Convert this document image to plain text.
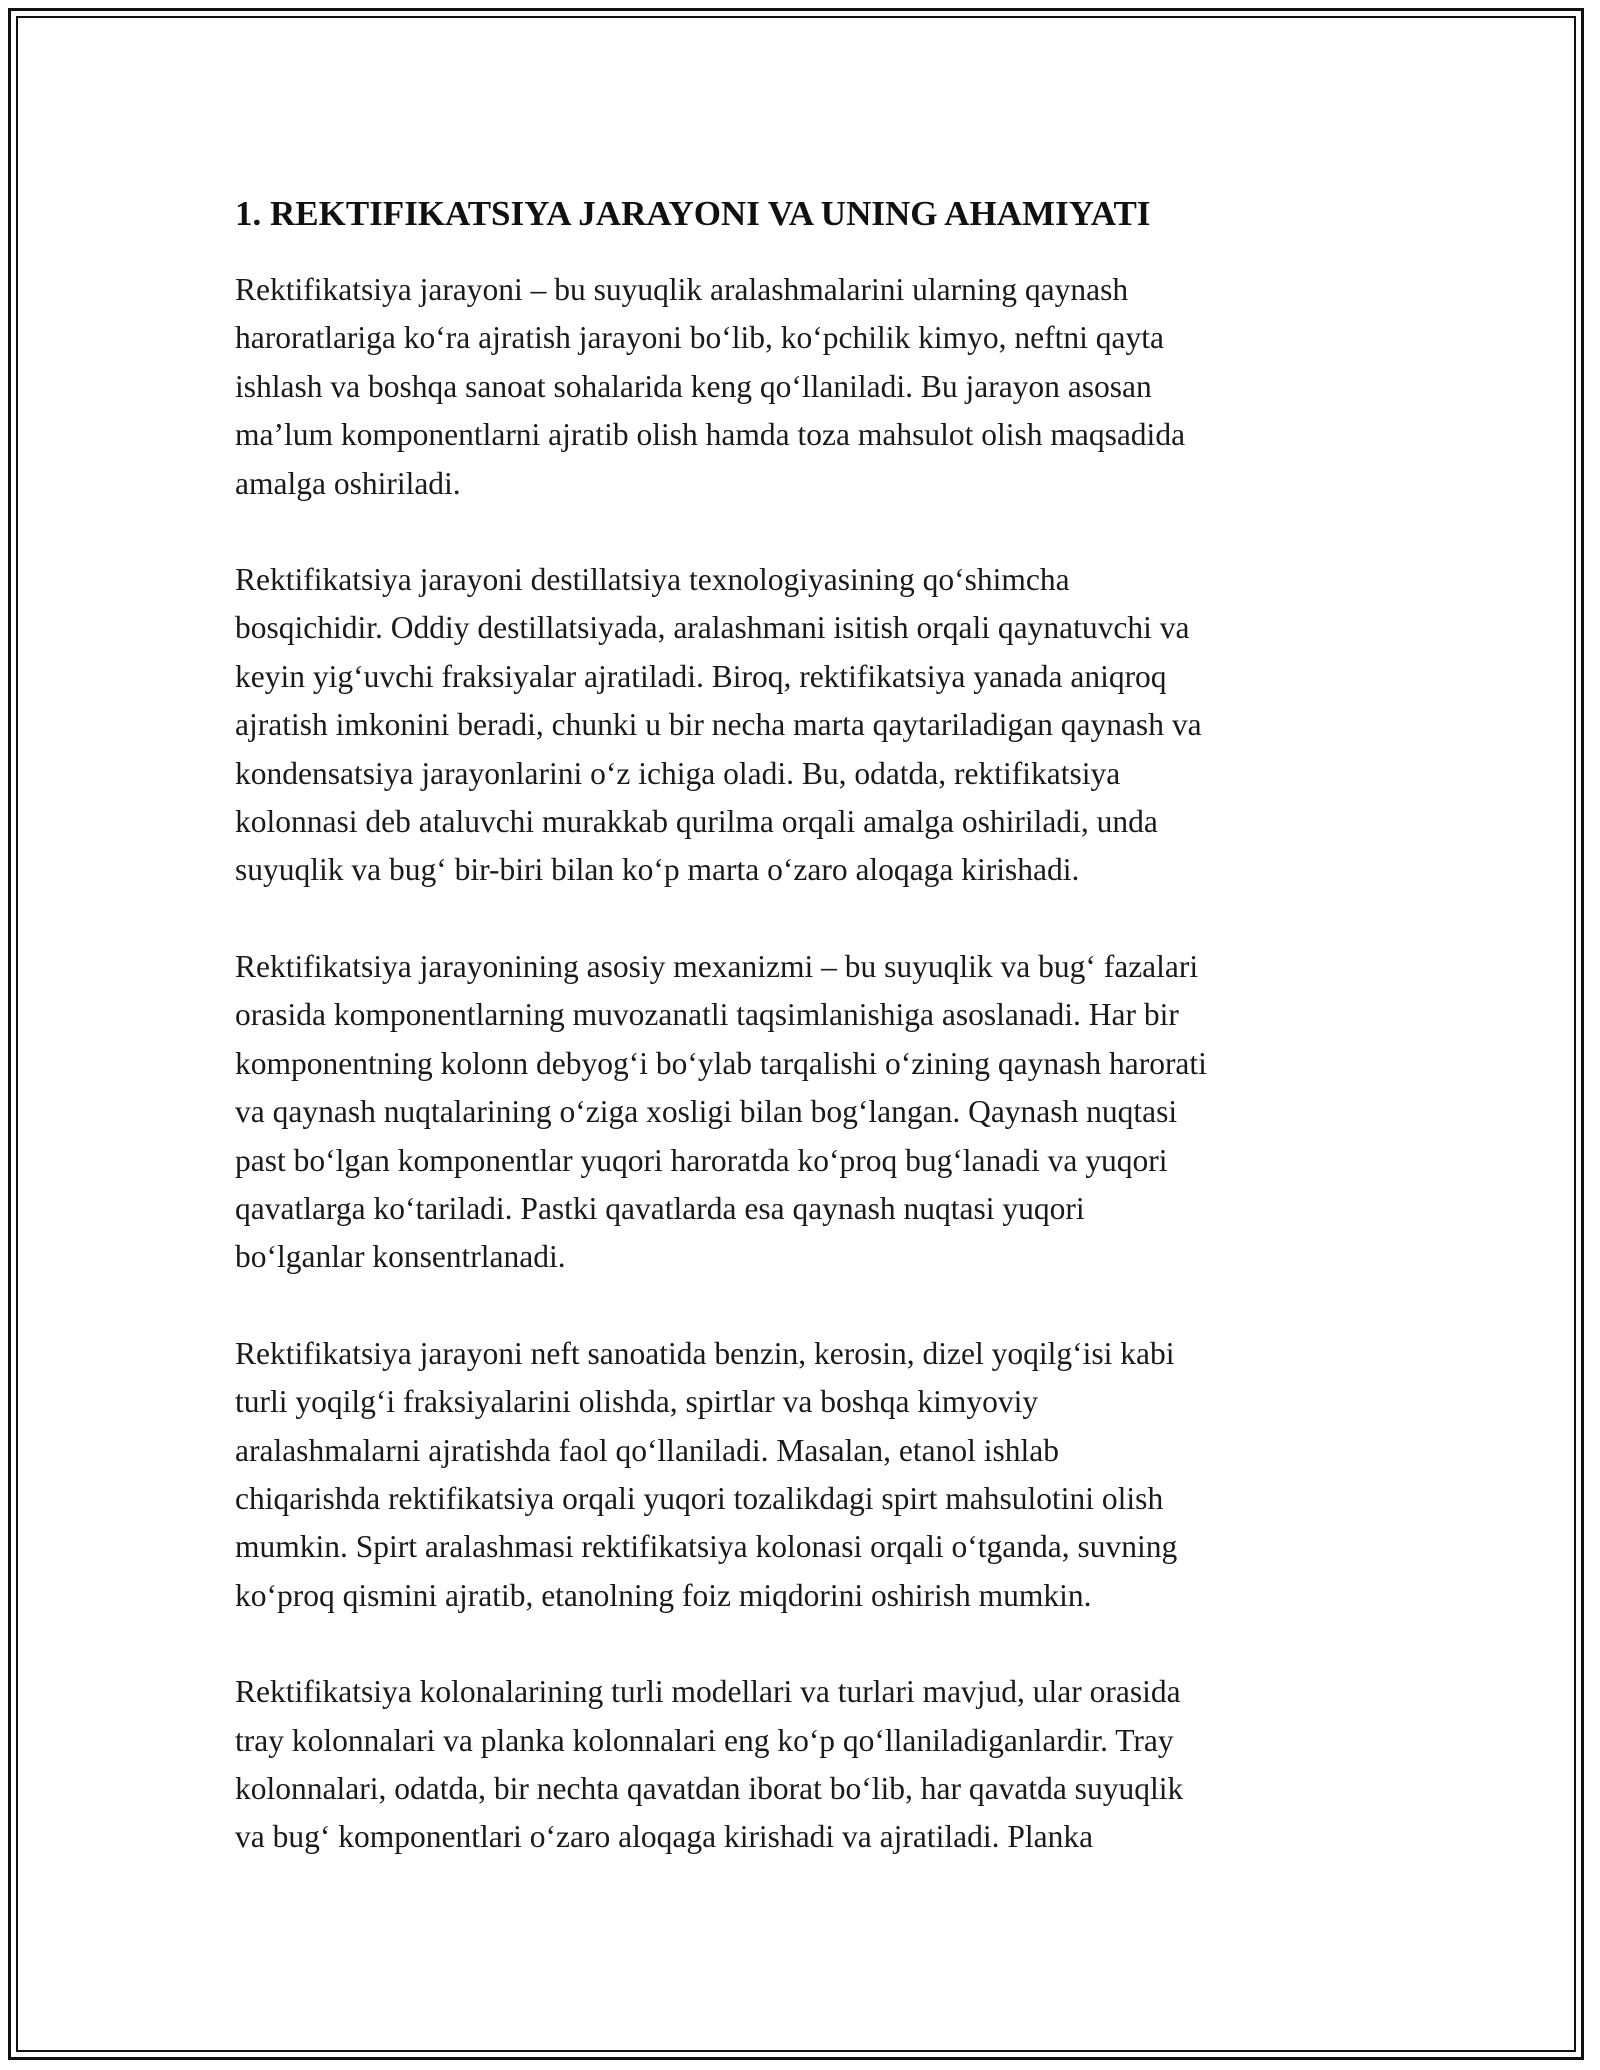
1. REKTIFIKATSIYA JARAYONI VA UNING AHAMIYATI
Rektifikatsiya jarayoni – bu suyuqlik aralashmalarini ularning qaynash
haroratlariga koʻra ajratish jarayoni boʻlib, koʻpchilik kimyo, neftni qayta
ishlash va boshqa sanoat sohalarida keng qoʻllaniladi. Bu jarayon asosan
ma’lum komponentlarni ajratib olish hamda toza mahsulot olish maqsadida
amalga oshiriladi.
Rektifikatsiya jarayoni destillatsiya texnologiyasining qoʻshimcha
bosqichidir. Oddiy destillatsiyada, aralashmani isitish orqali qaynatuvchi va
keyin yigʻuvchi fraksiyalar ajratiladi. Biroq, rektifikatsiya yanada aniqroq
ajratish imkonini beradi, chunki u bir necha marta qaytariladigan qaynash va
kondensatsiya jarayonlarini oʻz ichiga oladi. Bu, odatda, rektifikatsiya
kolonnasi deb ataluvchi murakkab qurilma orqali amalga oshiriladi, unda
suyuqlik va bugʻ bir-biri bilan koʻp marta oʻzaro aloqaga kirishadi.
Rektifikatsiya jarayonining asosiy mexanizmi – bu suyuqlik va bugʻ fazalari
orasida komponentlarning muvozanatli taqsimlanishiga asoslanadi. Har bir
komponentning kolonn debyogʻi boʻylab tarqalishi oʻzining qaynash harorati
va qaynash nuqtalarining oʻziga xosligi bilan bogʻlangan. Qaynash nuqtasi
past boʻlgan komponentlar yuqori haroratda koʻproq bugʻlanadi va yuqori
qavatlarga koʻtariladi. Pastki qavatlarda esa qaynash nuqtasi yuqori
boʻlganlar konsentrlanadi.
Rektifikatsiya jarayoni neft sanoatida benzin, kerosin, dizel yoqilgʻisi kabi
turli yoqilgʻi fraksiyalarini olishda, spirtlar va boshqa kimyoviy
aralashmalarni ajratishda faol qoʻllaniladi. Masalan, etanol ishlab
chiqarishda rektifikatsiya orqali yuqori tozalikdagi spirt mahsulotini olish
mumkin. Spirt aralashmasi rektifikatsiya kolonasi orqali oʻtganda, suvning
koʻproq qismini ajratib, etanolning foiz miqdorini oshirish mumkin.
Rektifikatsiya kolonalarining turli modellari va turlari mavjud, ular orasida
tray kolonnalari va planka kolonnalari eng koʻp qoʻllaniladiganlardir. Tray
kolonnalari, odatda, bir nechta qavatdan iborat boʻlib, har qavatda suyuqlik
va bugʻ komponentlari oʻzaro aloqaga kirishadi va ajratiladi. Planka
